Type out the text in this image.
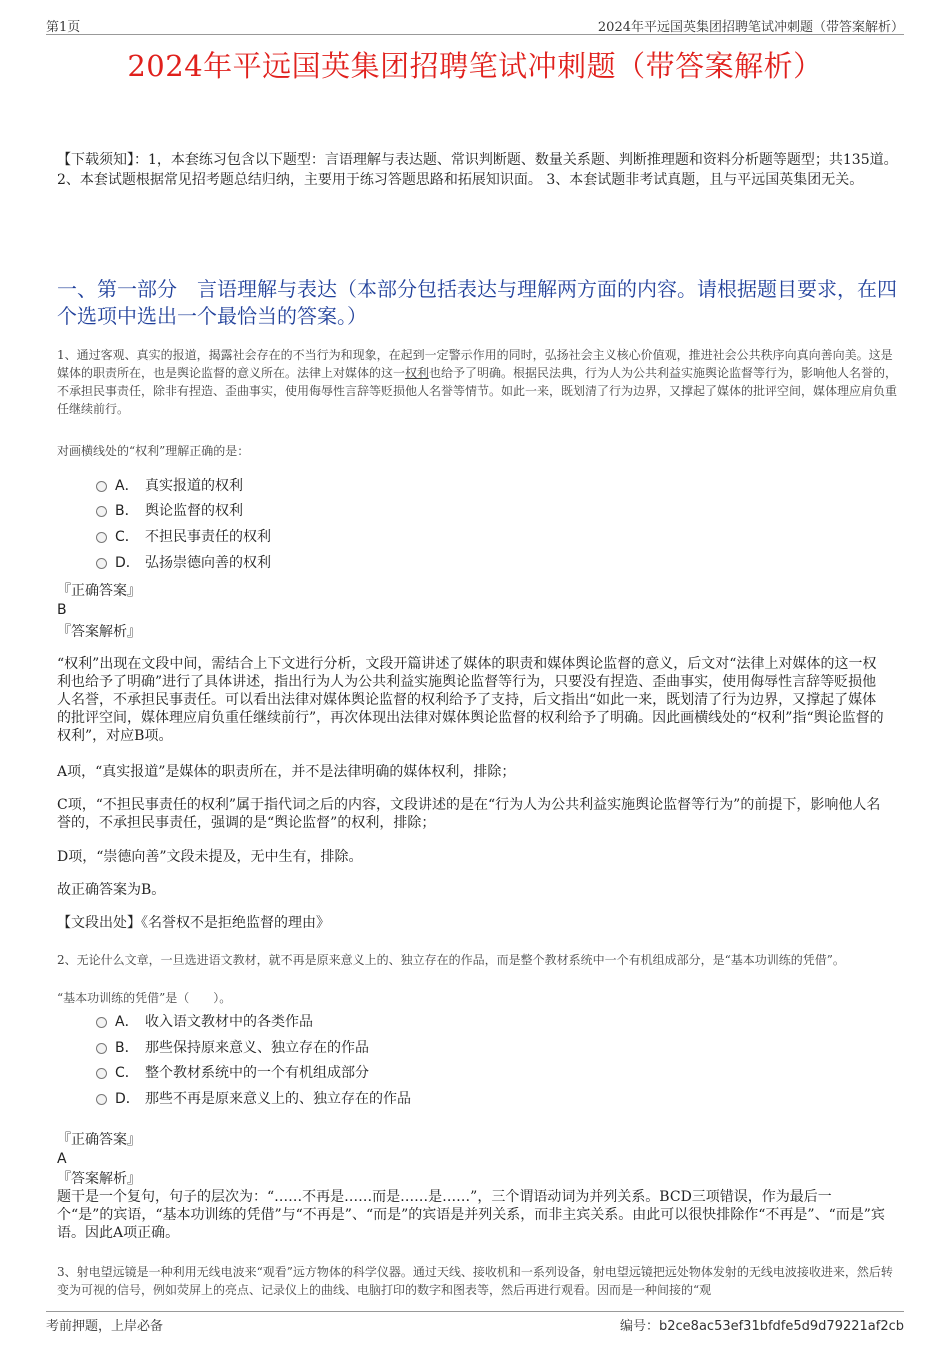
第1页	2024年平远国英集团招聘笔试冲刺题（带答案解析）
2024年平远国英集团招聘笔试冲刺题（带答案解析）
【下载须知】：1，本套练习包含以下题型：言语理解与表达题、常识判断题、数量关系题、判断推理题和资料分析题等题型；共135道。 2、本套试题根据常见招考题总结归纳，主要用于练习答题思路和拓展知识面。 3、本套试题非考试真题，且与平远国英集团无关。
一、第一部分　言语理解与表达（本部分包括表达与理解两方面的内容。请根据题目要求，在四个选项中选出一个最恰当的答案。）
1、通过客观、真实的报道，揭露社会存在的不当行为和现象，在起到一定警示作用的同时，弘扬社会主义核心价值观，推进社会公共秩序向真向善向美。这是媒体的职责所在，也是舆论监督的意义所在。法律上对媒体的这一权利也给予了明确。根据民法典，行为人为公共利益实施舆论监督等行为，影响他人名誉的，不承担民事责任，除非有捏造、歪曲事实，使用侮辱性言辞等贬损他人名誉等情节。如此一来，既划清了行为边界，又撑起了媒体的批评空间，媒体理应肩负重任继续前行。
对画横线处的“权利”理解正确的是：
A． 真实报道的权利
B． 舆论监督的权利
C． 不担民事责任的权利
D． 弘扬崇德向善的权利
『正确答案』
B
『答案解析』
“权利”出现在文段中间，需结合上下文进行分析，文段开篇讲述了媒体的职责和媒体舆论监督的意义，后文对“法律上对媒体的这一权利也给予了明确”进行了具体讲述，指出行为人为公共利益实施舆论监督等行为，只要没有捏造、歪曲事实，使用侮辱性言辞等贬损他人名誉，不承担民事责任。可以看出法律对媒体舆论监督的权利给予了支持，后文指出“如此一来，既划清了行为边界，又撑起了媒体的批评空间，媒体理应肩负重任继续前行”，再次体现出法律对媒体舆论监督的权利给予了明确。因此画横线处的“权利”指“舆论监督的权利”，对应B项。
A项，“真实报道”是媒体的职责所在，并不是法律明确的媒体权利，排除；
C项，“不担民事责任的权利”属于指代词之后的内容，文段讲述的是在“行为人为公共利益实施舆论监督等行为”的前提下，影响他人名誉的，不承担民事责任，强调的是“舆论监督”的权利，排除；
D项，“崇德向善”文段未提及，无中生有，排除。
故正确答案为B。
【文段出处】《名誉权不是拒绝监督的理由》
2、无论什么文章，一旦选进语文教材，就不再是原来意义上的、独立存在的作品，而是整个教材系统中一个有机组成部分，是“基本功训练的凭借”。
“基本功训练的凭借”是（　　）。
A． 收入语文教材中的各类作品
B． 那些保持原来意义、独立存在的作品
C． 整个教材系统中的一个有机组成部分
D． 那些不再是原来意义上的、独立存在的作品
『正确答案』
A
『答案解析』
题干是一个复句，句子的层次为：“……不再是……而是……是……”，三个谓语动词为并列关系。BCD三项错误，作为最后一个“是”的宾语，“基本功训练的凭借”与“不再是”、“而是”的宾语是并列关系，而非主宾关系。由此可以很快排除作“不再是”、“而是”宾语。因此A项正确。
3、射电望远镜是一种利用无线电波来“观看”远方物体的科学仪器。通过天线、接收机和一系列设备，射电望远镜把远处物体发射的无线电波接收进来，然后转变为可视的信号，例如荧屏上的亮点、记录仪上的曲线、电脑打印的数字和图表等，然后再进行观看。因而是一种间接的“观
考前押题，上岸必备	编号：b2ce8ac53ef31bfdfe5d9d79221af2cb
